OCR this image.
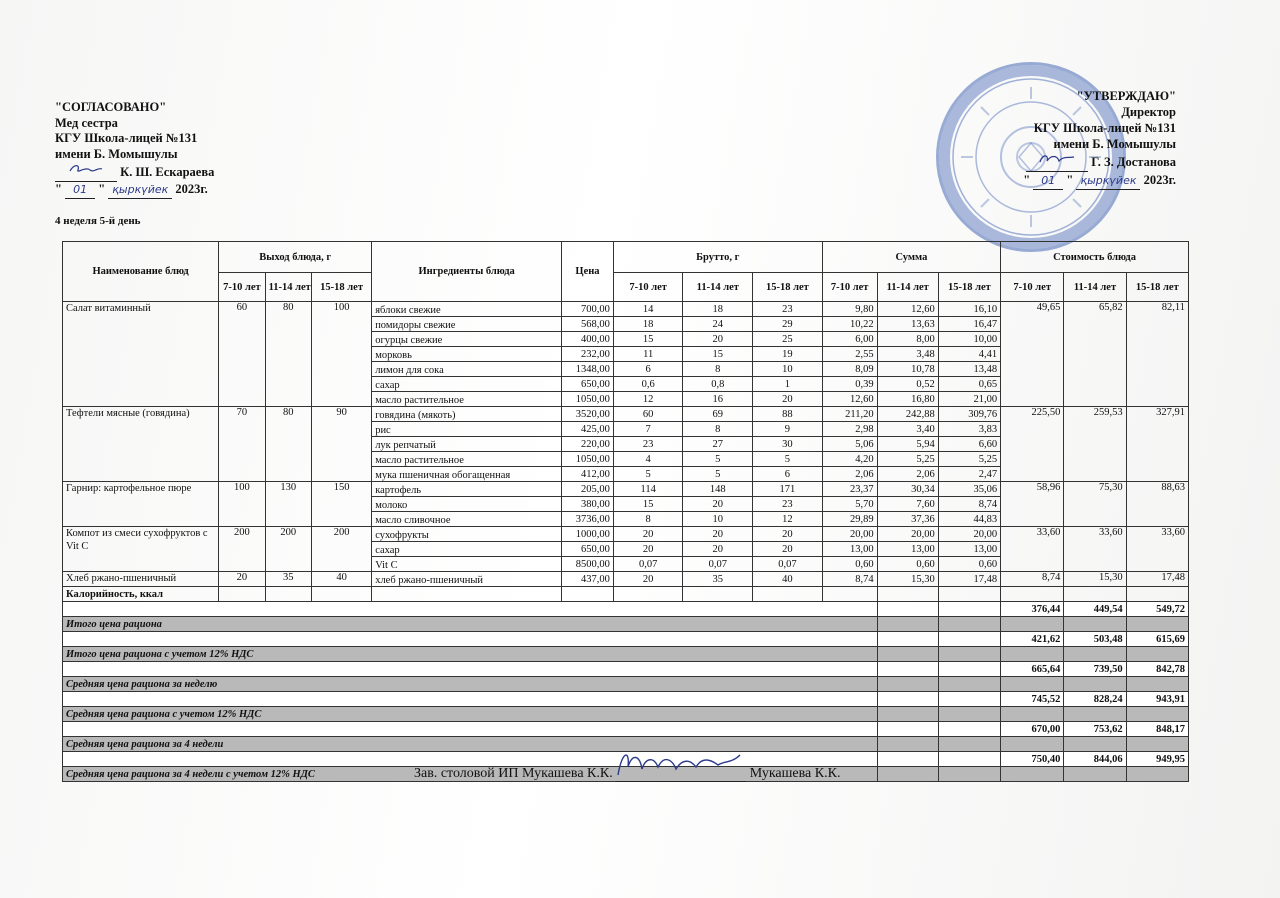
"СОГЛАСОВАНО"
Мед сестра
КГУ Школа-лицей №131
имени Б. Момышулы
К. Ш. Ескараева
" 01 " қыркүйек 2023г.
4 неделя 5-й день
"УТВЕРЖДАЮ"
Директор
КГУ Школа-лицей №131
имени Б. Момышулы
Г. З. Достанова
" 01 " қыркүйек 2023г.
Наименование блюд	Выход блюда, г			Ингредиенты блюда	Цена	Брутто, г			Сумма			Стоимость блюда		
	7-10 лет	11-14 лет	15-18 лет			7-10 лет	11-14 лет	15-18 лет	7-10 лет	11-14 лет	15-18 лет	7-10 лет	11-14 лет	15-18 лет
Салат витаминный	60	80	100	яблоки свежие	700,00	14	18	23	9,80	12,60	16,10	49,65	65,82	82,11
				помидоры свежие	568,00	18	24	29	10,22	13,63	16,47			
				огурцы свежие	400,00	15	20	25	6,00	8,00	10,00			
				морковь	232,00	11	15	19	2,55	3,48	4,41			
				лимон для сока	1348,00	6	8	10	8,09	10,78	13,48			
				сахар	650,00	0,6	0,8	1	0,39	0,52	0,65			
				масло растительное	1050,00	12	16	20	12,60	16,80	21,00			
Тефтели мясные (говядина)	70	80	90	говядина (мякоть)	3520,00	60	69	88	211,20	242,88	309,76	225,50	259,53	327,91
				рис	425,00	7	8	9	2,98	3,40	3,83			
				лук репчатый	220,00	23	27	30	5,06	5,94	6,60			
				масло растительное	1050,00	4	5	5	4,20	5,25	5,25			
				мука пшеничная обогащенная	412,00	5	5	6	2,06	2,06	2,47			
Гарнир: картофельное пюре	100	130	150	картофель	205,00	114	148	171	23,37	30,34	35,06	58,96	75,30	88,63
				молоко	380,00	15	20	23	5,70	7,60	8,74			
				масло сливочное	3736,00	8	10	12	29,89	37,36	44,83			
Компот из смеси сухофруктов с Vit C	200	200	200	сухофрукты	1000,00	20	20	20	20,00	20,00	20,00	33,60	33,60	33,60
				сахар	650,00	20	20	20	13,00	13,00	13,00			
				Vit C	8500,00	0,07	0,07	0,07	0,60	0,60	0,60			
Хлеб ржано-пшеничный	20	35	40	хлеб ржано-пшеничный	437,00	20	35	40	8,74	15,30	17,48	8,74	15,30	17,48
Калорийность, ккал														
												376,44	449,54	549,72
Итого цена рациона														
												421,62	503,48	615,69
Итого цена рациона с учетом 12% НДС														
												665,64	739,50	842,78
Средняя цена рациона за неделю														
												745,52	828,24	943,91
Средняя цена рациона с учетом 12% НДС														
												670,00	753,62	848,17
Средняя цена рациона за 4 недели														
												750,40	844,06	949,95
Средняя цена рациона за 4 недели с учетом 12% НДС															Зав. столовой ИП Мукашева К.К.	Мукашева К.К.
